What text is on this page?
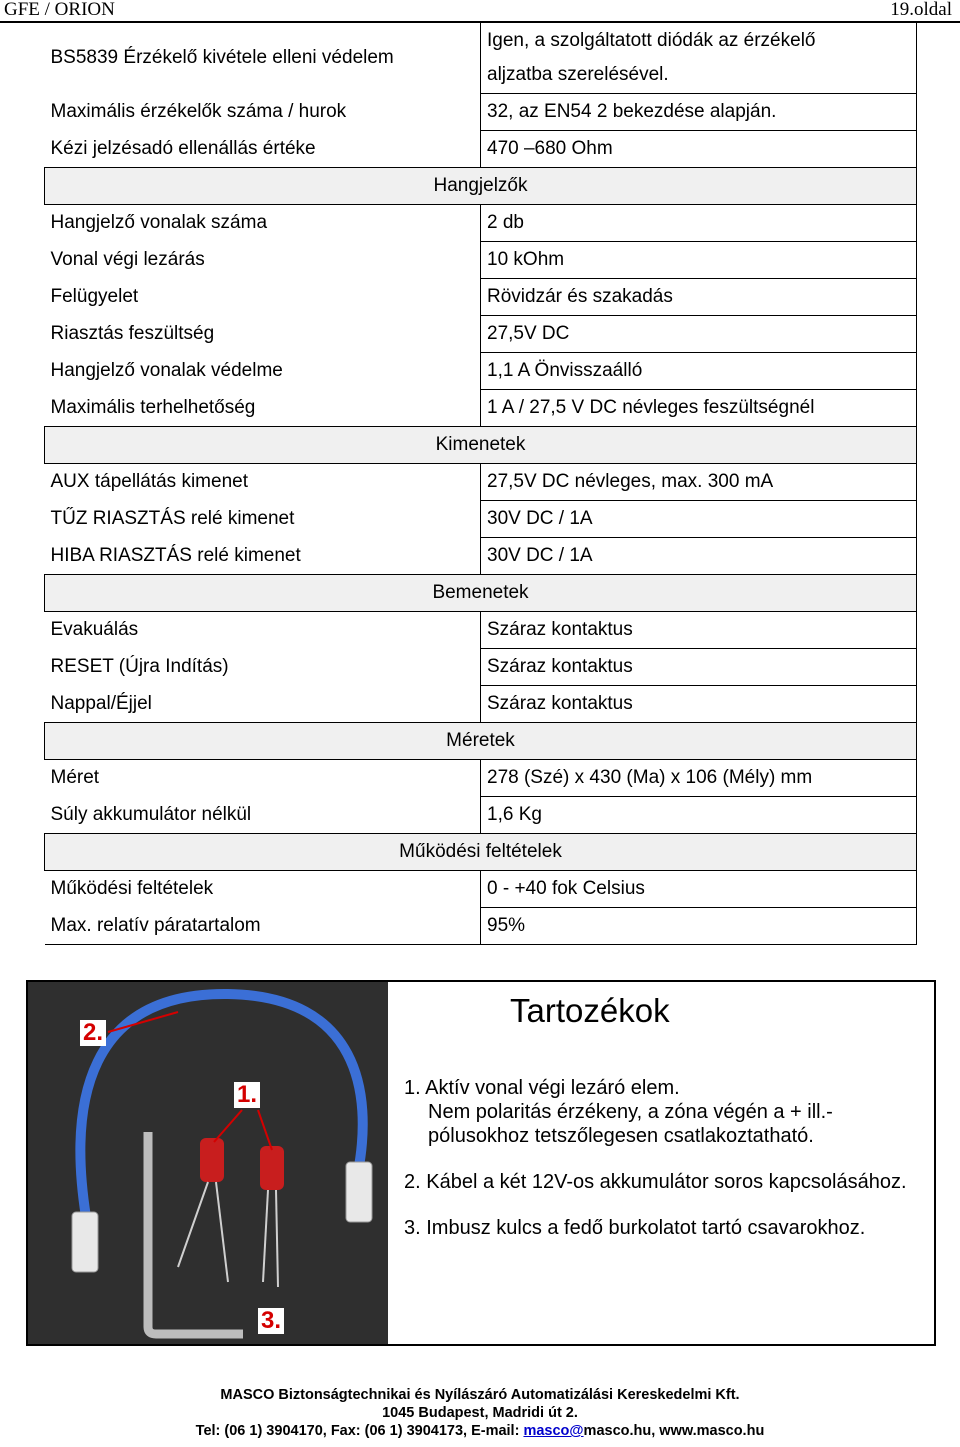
GFE / ORION	19.oldal
BS5839 Érzékelő kivétele elleni védelem	Igen, a szolgáltatott diódák az érzékelő
aljzatba szerelésével.

Maximális érzékelők száma / hurok	32, az EN54 2 bekezdése alapján.
Kézi jelzésadó ellenállás értéke	470 –680 Ohm
Hangjelzők	
Hangjelző vonalak száma	2 db
Vonal végi lezárás	10 kOhm
Felügyelet	Rövidzár és szakadás
Riasztás feszültség	27,5V DC
Hangjelző vonalak védelme	1,1 A Önvisszaálló
Maximális terhelhetőség	1 A / 27,5 V DC névleges feszültségnél
Kimenetek	
AUX tápellátás kimenet	27,5V DC névleges, max. 300 mA
TŰZ RIASZTÁS relé kimenet	30V DC / 1A
HIBA RIASZTÁS relé kimenet	30V DC / 1A
Bemenetek	
Evakuálás	Száraz kontaktus
RESET (Újra Indítás)	Száraz kontaktus
Nappal/Éjjel	Száraz kontaktus
Méretek	
Méret	278 (Szé) x 430 (Ma) x 106 (Mély) mm
Súly akkumulátor nélkül	1,6 Kg
Működési feltételek	
Működési feltételek	0 - +40 fok Celsius
Max. relatív páratartalom	95%
2.
1.
3.
Tartozékok
1. Aktív vonal végi lezáró elem.
Nem polaritás érzékeny, a zóna végén a + ill.-
pólusokhoz tetszőlegesen csatlakoztatható.
2. Kábel a két 12V-os akkumulátor soros kapcsolásához.
3. Imbusz kulcs a fedő burkolatot tartó csavarokhoz.
MASCO Biztonságtechnikai és Nyílászáró Automatizálási Kereskedelmi Kft.
1045 Budapest, Madridi út 2.
Tel: (06 1) 3904170, Fax: (06 1) 3904173, E-mail: masco@masco.hu, www.masco.hu
